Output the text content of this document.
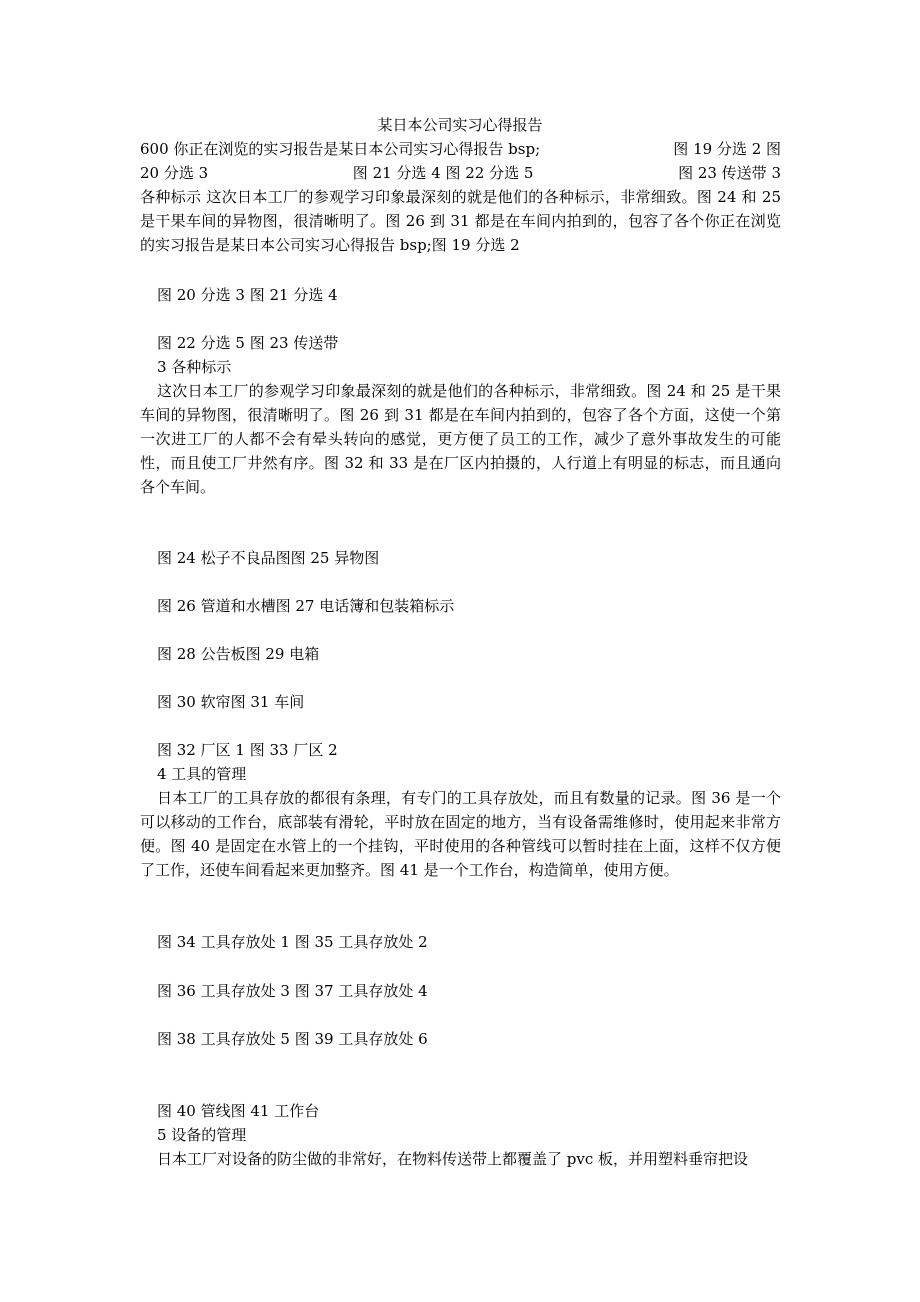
某日本公司实习心得报告
600 你正在浏览的实习报告是某日本公司实习心得报告 bsp;	图 19 分选 2 图
20 分选 3	图 21 分选 4 图 22 分选 5	图 23 传送带 3
各种标示 这次日本工厂的参观学习印象最深刻的就是他们的各种标示，非常细致。图 24 和 25 是干果车间的异物图，很清晰明了。图 26 到 31 都是在车间内拍到的，包容了各个你正在浏览的实习报告是某日本公司实习心得报告 bsp;图 19 分选 2
图 20 分选 3 图 21 分选 4
图 22 分选 5 图 23 传送带
3 各种标示
这次日本工厂的参观学习印象最深刻的就是他们的各种标示，非常细致。图 24 和 25 是干果车间的异物图，很清晰明了。图 26 到 31 都是在车间内拍到的，包容了各个方面，这使一个第一次进工厂的人都不会有晕头转向的感觉，更方便了员工的工作，减少了意外事故发生的可能性，而且使工厂井然有序。图 32 和 33 是在厂区内拍摄的，人行道上有明显的标志，而且通向各个车间。
图 24 松子不良品图图 25 异物图
图 26 管道和水槽图 27 电话簿和包装箱标示
图 28 公告板图 29 电箱
图 30 软帘图 31 车间
图 32 厂区 1 图 33 厂区 2
4 工具的管理
日本工厂的工具存放的都很有条理，有专门的工具存放处，而且有数量的记录。图 36 是一个可以移动的工作台，底部装有滑轮，平时放在固定的地方，当有设备需维修时，使用起来非常方便。图 40 是固定在水管上的一个挂钩，平时使用的各种管线可以暂时挂在上面，这样不仅方便了工作，还使车间看起来更加整齐。图 41 是一个工作台，构造简单，使用方便。
图 34 工具存放处 1 图 35 工具存放处 2
图 36 工具存放处 3 图 37 工具存放处 4
图 38 工具存放处 5 图 39 工具存放处 6
图 40 管线图 41 工作台
5 设备的管理
日本工厂对设备的防尘做的非常好，在物料传送带上都覆盖了 pvc 板，并用塑料垂帘把设
